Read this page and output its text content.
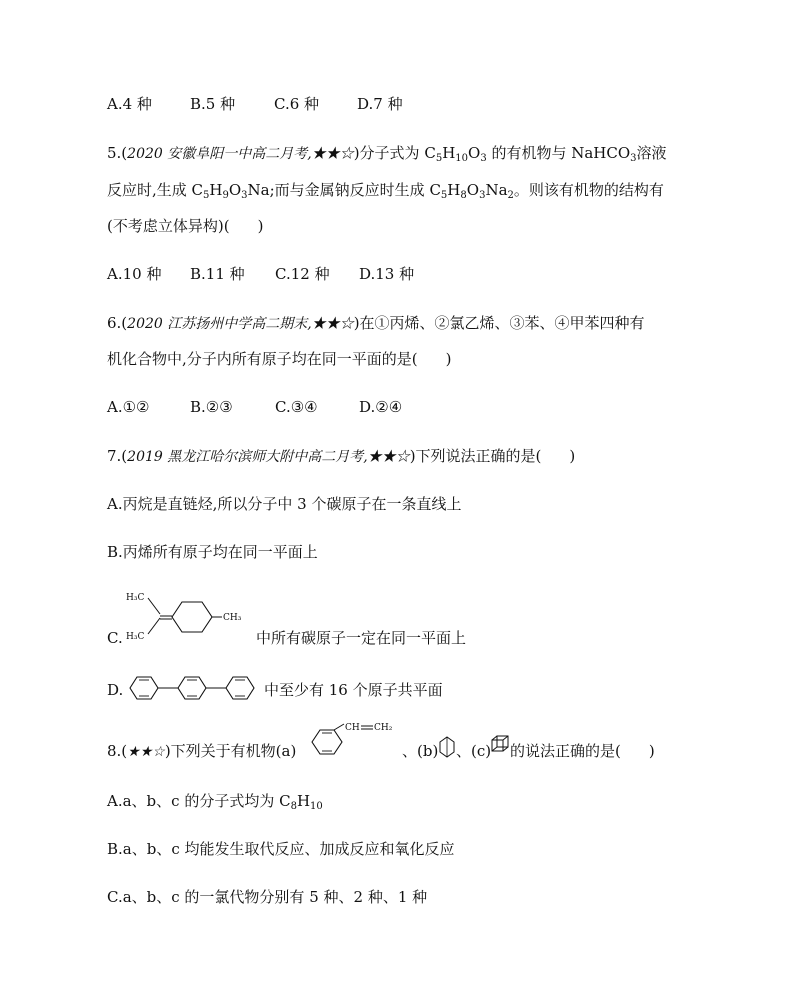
A.4 种	B.5 种	C.6 种	D.7 种
5.(2020 安徽阜阳一中高二月考,★★☆)分子式为 $C_5H_{10}O_3$ 的有机物与 NaHCO$_3$溶液
反应时,生成 $C_5H_9O_3Na$;而与金属钠反应时生成 $C_5H_8O_3Na_2$。则该有机物的结构有
(不考虑立体异构)( )
A.10 种 B.11 种 C.12 种 D.13 种
6.(2020 江苏扬州中学高二期末,★★☆)在①丙烯、②氯乙烯、③苯、④甲苯四种有
机化合物中,分子内所有原子均在同一平面的是( )
A.①②	B.②③	C.③④	D.②④
7.(2019 黑龙江哈尔滨师大附中高二月考,★★☆)下列说法正确的是( )
A.丙烷是直链烃,所以分子中 3 个碳原子在一条直线上
B.丙烯所有原子均在同一平面上
C.
H₃C
H₃C
CH₃
中所有碳原子一定在同一平面上
D.	中至少有 16 个原子共平面
8.(★★☆)下列关于有机物(a)
CH CH₂
、(b) 、(c) 的说法正确的是( )
A.a、b、c 的分子式均为 $C_8H_{10}$
B.a、b、c 均能发生取代反应、加成反应和氧化反应
C.a、b、c 的一氯代物分别有 5 种、2 种、1 种
